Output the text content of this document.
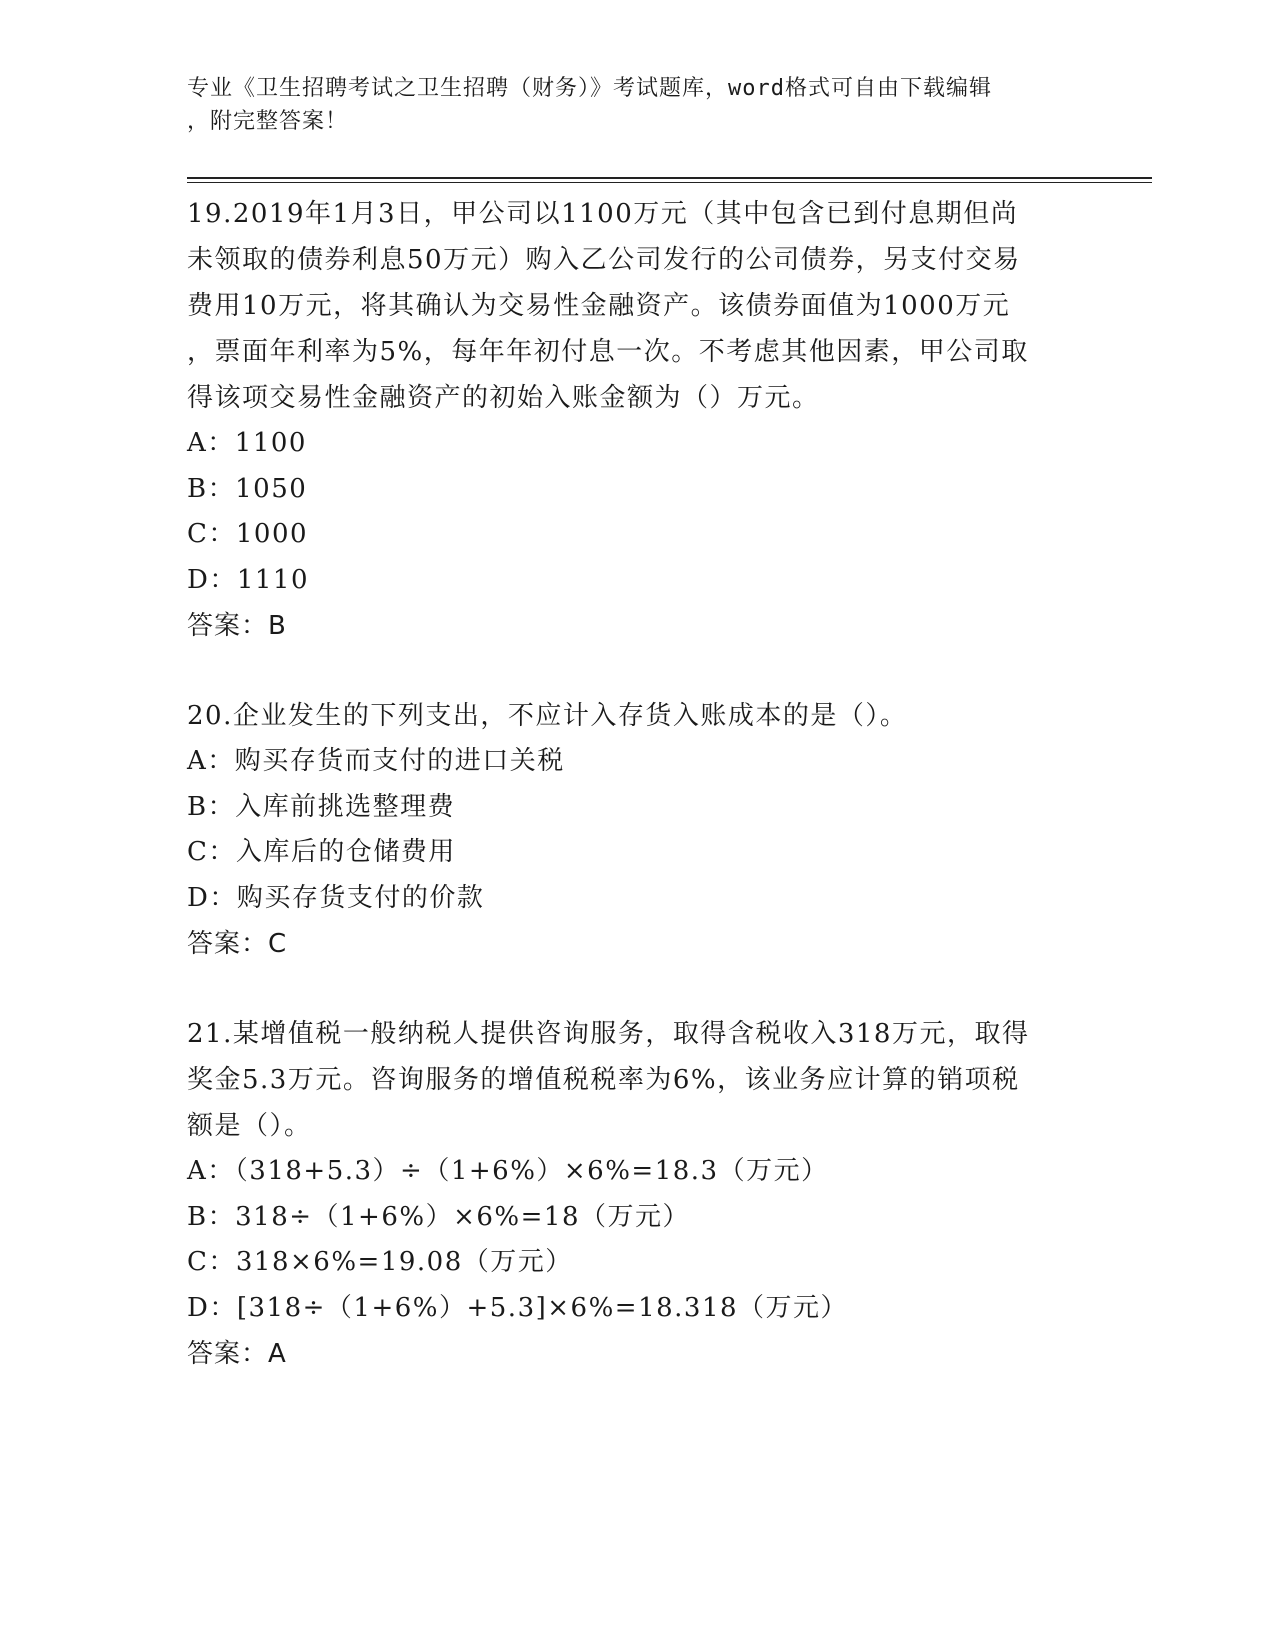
专业《卫生招聘考试之卫生招聘（财务）》考试题库，word格式可自由下载编辑
，附完整答案！
19.2019年1月3日，甲公司以1100万元（其中包含已到付息期但尚
未领取的债券利息50万元）购入乙公司发行的公司债券，另支付交易
费用10万元，将其确认为交易性金融资产。该债券面值为1000万元
，票面年利率为5%，每年年初付息一次。不考虑其他因素，甲公司取
得该项交易性金融资产的初始入账金额为（）万元。
A：1100
B：1050
C：1000
D：1110
答案：B
20.企业发生的下列支出，不应计入存货入账成本的是（）。
A：购买存货而支付的进口关税
B：入库前挑选整理费
C：入库后的仓储费用
D：购买存货支付的价款
答案：C
21.某增值税一般纳税人提供咨询服务，取得含税收入318万元，取得
奖金5.3万元。咨询服务的增值税税率为6%，该业务应计算的销项税
额是（）。
A：（318+5.3）÷（1+6%）×6%=18.3（万元）
B：318÷（1+6%）×6%=18（万元）
C：318×6%=19.08（万元）
D：[318÷（1+6%）+5.3]×6%=18.318（万元）
答案：A
